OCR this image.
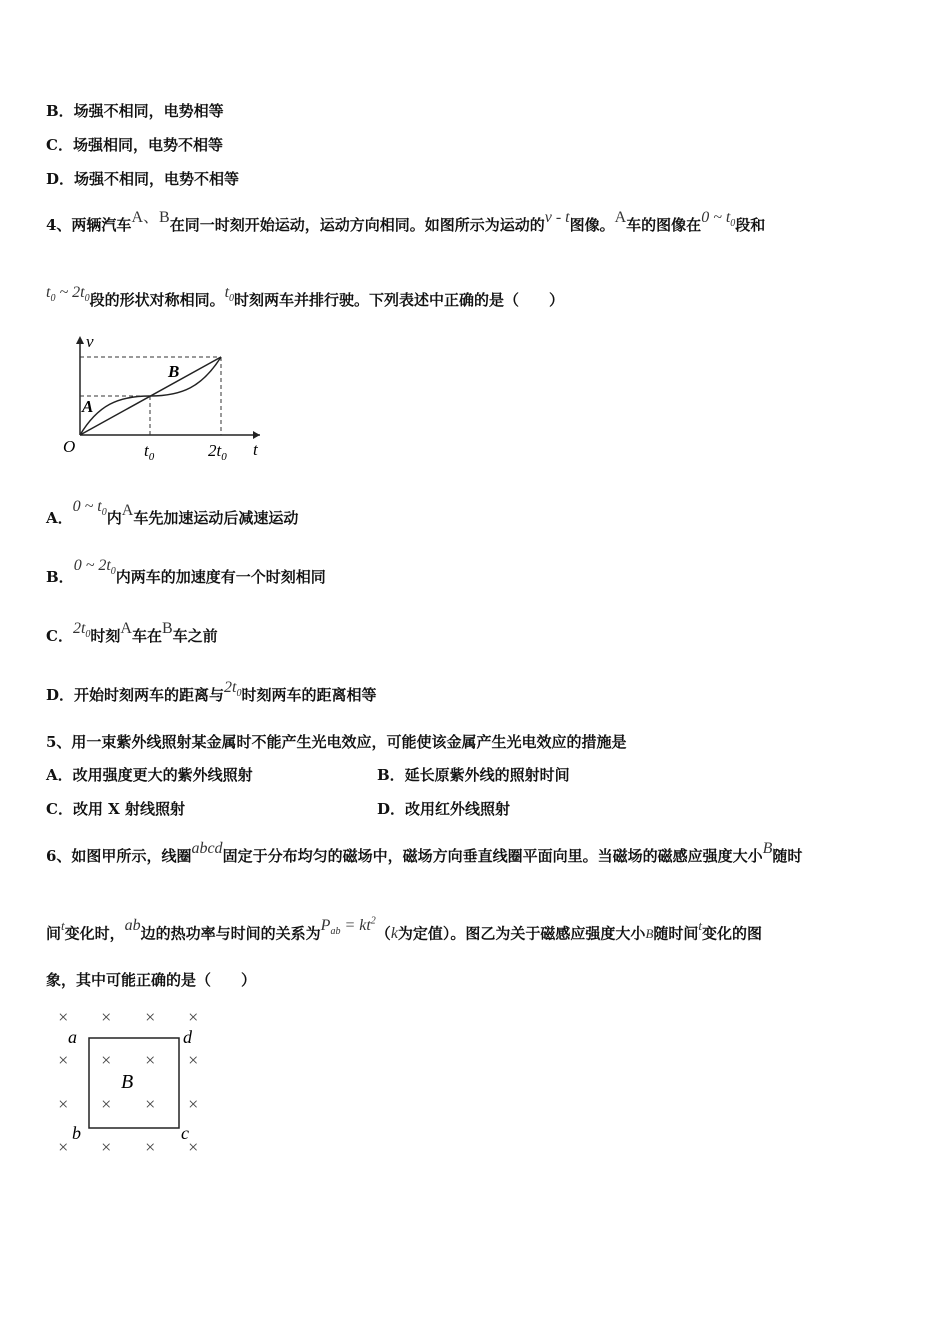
B．场强不相同，电势相等
C．场强相同，电势不相等
D．场强不相同，电势不相等
4、两辆汽车A、B在同一时刻开始运动，运动方向相同。如图所示为运动的v - t图像。A车的图像在0 ~ $t_0$段和
$t_0$ ~ $2t_0$段的形状对称相同。$t_0$时刻两车并排行驶。下列表述中正确的是（　　）
v
t
O
A
B
$t_0$	$2t_0$
A．0 ~ $t_0$内A车先加速运动后减速运动
B．0 ~ $2t_0$内两车的加速度有一个时刻相同
C．$2t_0$时刻A车在B车之前
D．开始时刻两车的距离与$2t_0$时刻两车的距离相等
5、用一束紫外线照射某金属时不能产生光电效应，可能使该金属产生光电效应的措施是
A．改用强度更大的紫外线照射	B．延长原紫外线的照射时间
C．改用 X 射线照射	D．改用红外线照射
6、如图甲所示，线圈abcd固定于分布均匀的磁场中，磁场方向垂直线圈平面向里。当磁场的磁感应强度大小B随时
间t变化时，ab边的热功率与时间的关系为$P_{ab} = kt^2(k$为定值）。图乙为关于磁感应强度大小B随时间t变化的图
象，其中可能正确的是（　　）
× × × ×
× × × ×
× × × ×
× × × ×
a	d
b	c
B
